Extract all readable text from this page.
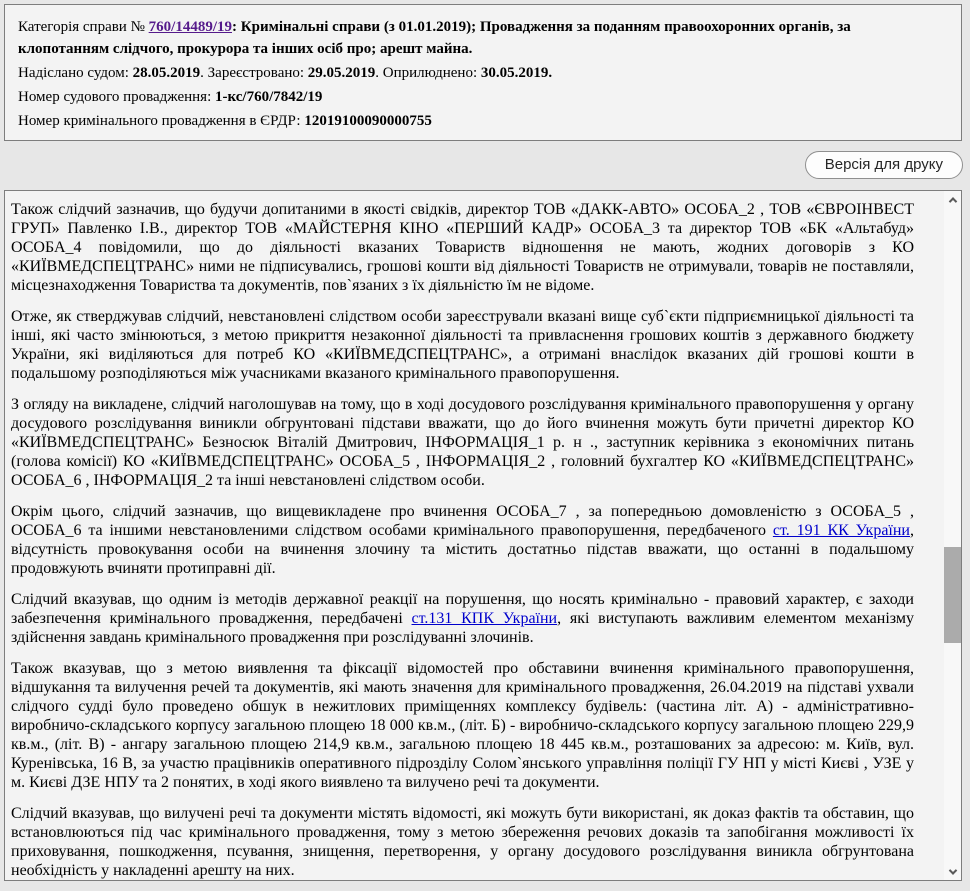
Категорія справи № 760/14489/19: Кримінальні справи (з 01.01.2019); Провадження за поданням правоохоронних органів, за клопотанням слідчого, прокурора та інших осіб про; арешт майна.

Надіслано судом: 28.05.2019. Зареєстровано: 29.05.2019. Оприлюднено: 30.05.2019.

Номер судового провадження: 1-кс/760/7842/19

Номер кримінального провадження в ЄРДР: 12019100090000755

Версія для друку

Також слідчий зазначив, що будучи допитаними в якості свідків, директор ТОВ «ДАКК-АВТО» ОСОБА_2 , ТОВ «ЄВРОІНВЕСТ ГРУП» Павленко І.В., директор ТОВ «МАЙСТЕРНЯ КІНО «ПЕРШИЙ КАДР» ОСОБА_3 та директор ТОВ «БК «Альтабуд» ОСОБА_4 повідомили, що до діяльності вказаних Товариств відношення не мають, жодних договорів з КО «КИЇВМЕДСПЕЦТРАНС» ними не підписувались, грошові кошти від діяльності Товариств не отримували, товарів не поставляли, місцезнаходження Товариства та документів, пов`язаних з їх діяльністю їм не відоме.

Отже, як стверджував слідчий, невстановлені слідством особи зареєстрували вказані вище суб`єкти підприємницької діяльності та інші, які часто змінюються, з метою прикриття незаконної діяльності та привласнення грошових коштів з державного бюджету України, які виділяються для потреб КО «КИЇВМЕДСПЕЦТРАНС», а отримані внаслідок вказаних дій грошові кошти в подальшому розподіляються між учасниками вказаного кримінального правопорушення.

З огляду на викладене, слідчий наголошував на тому, що в ході досудового розслідування кримінального правопорушення у органу досудового розслідування виникли обгрунтовані підстави вважати, що до його вчинення можуть бути причетні директор КО «КИЇВМЕДСПЕЦТРАНС» Безносюк Віталій Дмитрович, ІНФОРМАЦІЯ_1 р. н ., заступник керівника з економічних питань (голова комісії) КО «КИЇВМЕДСПЕЦТРАНС» ОСОБА_5 , ІНФОРМАЦІЯ_2 , головний бухгалтер КО «КИЇВМЕДСПЕЦТРАНС» ОСОБА_6 , ІНФОРМАЦІЯ_2 та інші невстановлені слідством особи.

Окрім цього, слідчий зазначив, що вищевикладене про вчинення ОСОБА_7 , за попередньою домовленістю з ОСОБА_5 , ОСОБА_6 та іншими невстановленими слідством особами кримінального правопорушення, передбаченого ст. 191 КК України, відсутність провокування особи на вчинення злочину та містить достатньо підстав вважати, що останні в подальшому продовжують вчиняти протиправні дії.

Слідчий вказував, що одним із методів державної реакції на порушення, що носять кримінально - правовий характер, є заходи забезпечення кримінального провадження, передбачені ст.131 КПК України, які виступають важливим елементом механізму здійснення завдань кримінального провадження при розслідуванні злочинів.

Також вказував, що з метою виявлення та фіксації відомостей про обставини вчинення кримінального правопорушення, відшукання та вилучення речей та документів, які мають значення для кримінального провадження, 26.04.2019 на підставі ухвали слідчого судді було проведено обшук в нежитлових приміщеннях комплексу будівель: (частина літ. А) - адміністративно-виробничо-складського корпусу загальною площею 18 000 кв.м., (літ. Б) - виробничо-складського корпусу загальною площею 229,9 кв.м., (літ. В) - ангару загальною площею 214,9 кв.м., загальною площею 18 445 кв.м., розташованих за адресою: м. Київ, вул. Куренівська, 16 В, за участю працівників оперативного підрозділу Солом`янського управління поліції ГУ НП у місті Києві , УЗЕ у м. Києві ДЗЕ НПУ та 2 понятих, в ході якого виявлено та вилучено речі та документи.

Слідчий вказував, що вилучені речі та документи містять відомості, які можуть бути використані, як доказ фактів та обставин, що встановлюються під час кримінального провадження, тому з метою збереження речових доказів та запобігання можливості їх приховування, пошкодження, псування, знищення, перетворення, у органу досудового розслідування виникла обгрунтована необхідність у накладенні арешту на них.
